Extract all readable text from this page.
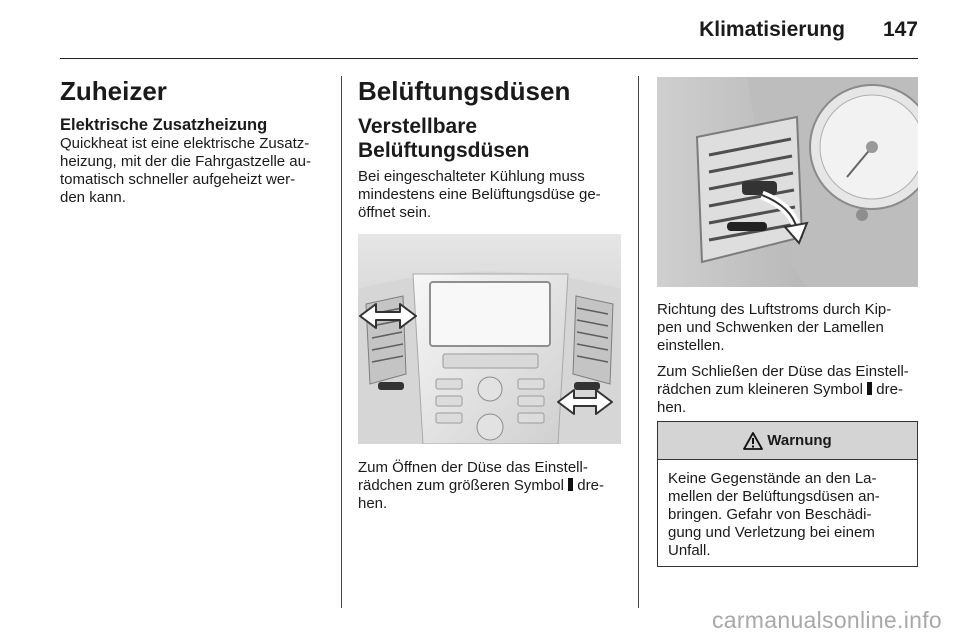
Klimatisierung 147
Zuheizer
Elektrische Zusatzheizung

Quickheat ist eine elektrische Zusatz-

heizung, mit der die Fahrgastzelle au-

tomatisch schneller aufgeheizt wer-

den kann.

Belüftungsdüsen
Verstellbare
Belüftungsdüsen

Bei eingeschalteter Kühlung muss

mindestens eine Belüftungsdüse ge-

öffnet sein.

Zum Öffnen der Düse das Einstell-

rädchen zum größeren Symbol  dre-

hen.

Richtung des Luftstroms durch Kip-

pen und Schwenken der Lamellen

einstellen.

Zum Schließen der Düse das Einstell-

rädchen zum kleineren Symbol  dre-

hen.

Warnung

Keine Gegenstände an den La-

mellen der Belüftungsdüsen an-

bringen. Gefahr von Beschädi-

gung und Verletzung bei einem

Unfall.

carmanualsonline.info
